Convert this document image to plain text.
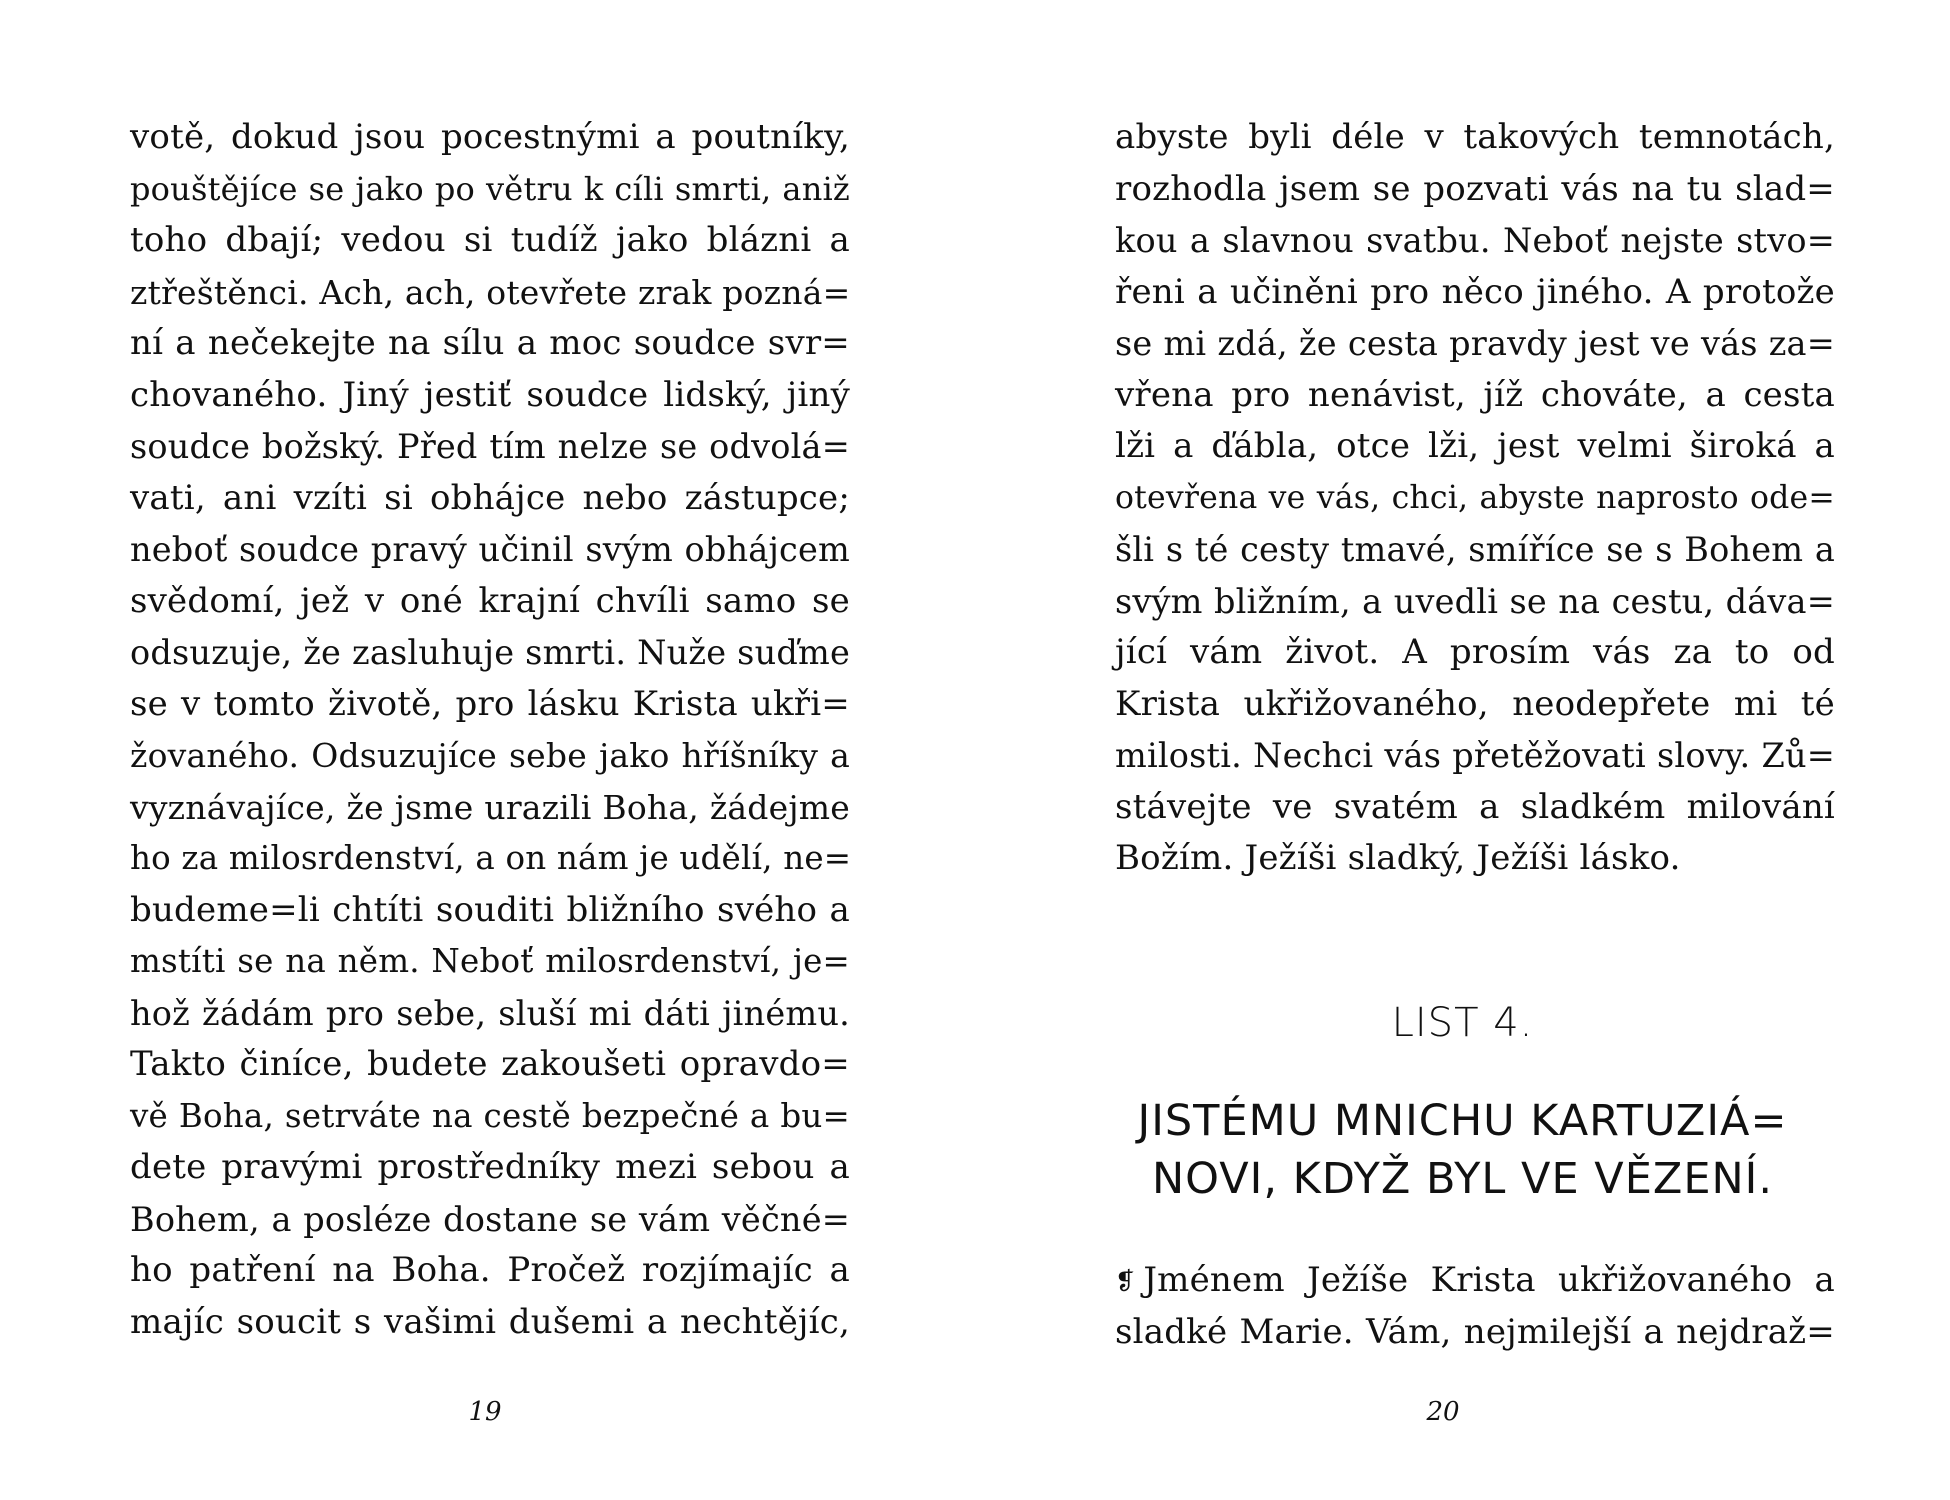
votě, dokud jsou pocestnými a poutníky,
pouštějíce se jako po větru k cíli smrti, aniž
toho dbají; vedou si tudíž jako blázni a
ztřeštěnci. Ach, ach, otevřete zrak pozná=
ní a nečekejte na sílu a moc soudce svr=
chovaného. Jiný jestiť soudce lidský, jiný
soudce božský. Před tím nelze se odvolá=
vati, ani vzíti si obhájce nebo zástupce;
neboť soudce pravý učinil svým obhájcem
svědomí, jež v oné krajní chvíli samo se
odsuzuje, že zasluhuje smrti. Nuže suďme
se v tomto životě, pro lásku Krista ukři=
žovaného. Odsuzujíce sebe jako hříšníky a
vyznávajíce, že jsme urazili Boha, žádejme
ho za milosrdenství, a on nám je udělí, ne=
budeme=li chtíti souditi bližního svého a
mstíti se na něm. Neboť milosrdenství, je=
hož žádám pro sebe, sluší mi dáti jinému.
Takto činíce, budete zakoušeti opravdo=
vě Boha, setrváte na cestě bezpečné a bu=
dete pravými prostředníky mezi sebou a
Bohem, a posléze dostane se vám věčné=
ho patření na Boha. Pročež rozjímajíc a
majíc soucit s vašimi dušemi a nechtějíc,
19
abyste byli déle v takových temnotách,
rozhodla jsem se pozvati vás na tu slad=
kou a slavnou svatbu. Neboť nejste stvo=
řeni a učiněni pro něco jiného. A protože
se mi zdá, že cesta pravdy jest ve vás za=
vřena pro nenávist, jíž chováte, a cesta
lži a ďábla, otce lži, jest velmi široká a
otevřena ve vás, chci, abyste naprosto ode=
šli s té cesty tmavé, smíříce se s Bohem a
svým bližním, a uvedli se na cestu, dáva=
jící vám život. A prosím vás za to od
Krista ukřižovaného, neodepřete mi té
milosti. Nechci vás přetěžovati slovy. Zů=
stávejte ve svatém a sladkém milování
Božím. Ježíši sladký, Ježíši lásko.
LIST 4.
JISTÉMU MNICHU KARTUZIÁ=
NOVI, KDYŽ BYL VE VĚZENÍ.
❡ Jménem Ježíše Krista ukřižovaného a
sladké Marie. Vám, nejmilejší a nejdraž=
20
